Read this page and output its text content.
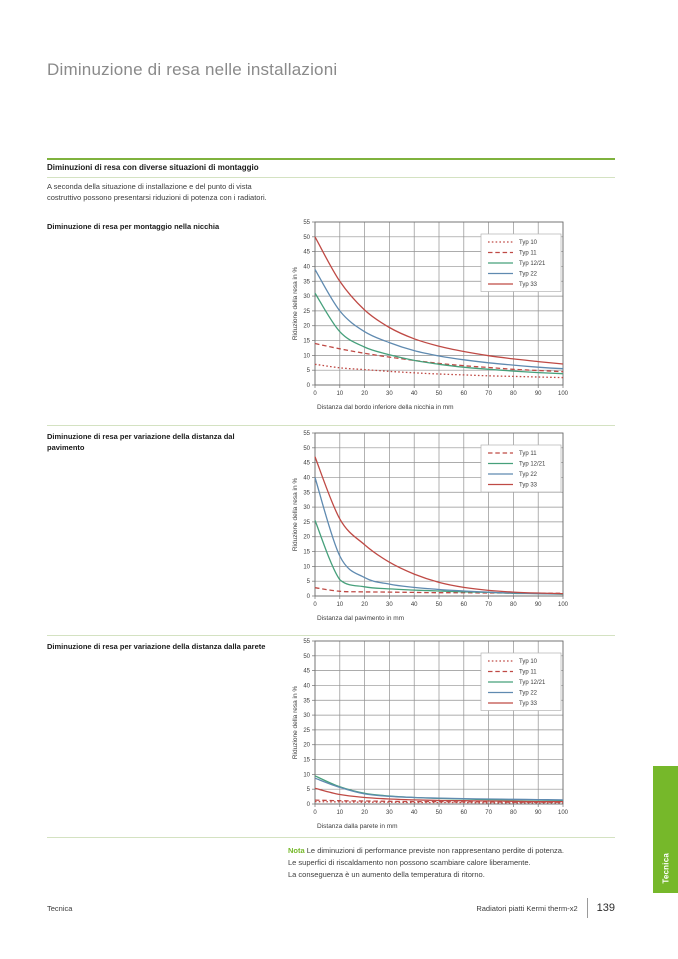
Diminuzione di resa nelle installazioni
Diminuzioni di resa con diverse situazioni di montaggio

A seconda della situazione di installazione e del punto di vista costruttivo possono presentarsi riduzioni di potenza con i radiatori.

Diminuzione di resa per montaggio nella nicchia
0	10	20	30	40	50	60	70	80	90	100
0
5
10
15
20
25
30
35
40
45
50
55
Typ 10
Typ 11
Typ 12/21
Typ 22
Typ 33
Riduzione della resa in %
Distanza dal bordo inferiore della nicchia in mm
Diminuzione di resa per variazione della distanza dal pavimento
0	10	20	30	40	50	60	70	80	90	100
0
5
10
15
20
25
30
35
40
45
50
55
Typ 11
Typ 12/21
Typ 22
Typ 33
Riduzione della resa in %
Distanza dal pavimento in mm
Diminuzione di resa per variazione della distanza dalla parete
0	10	20	30	40	50	60	70	80	90	100
0
5
10
15
20
25
30
35
40
45
50
55
Typ 10
Typ 11
Typ 12/21
Typ 22
Typ 33
Riduzione della resa in %
Distanza dalla parete in mm
Nota Le diminuzioni di performance previste non rappresentano perdite di potenza.
Le superfici di riscaldamento non possono scambiare calore liberamente.
La conseguenza è un aumento della temperatura di ritorno.	Tecnica
Tecnica	Radiatori piatti Kermi therm-x2 139
